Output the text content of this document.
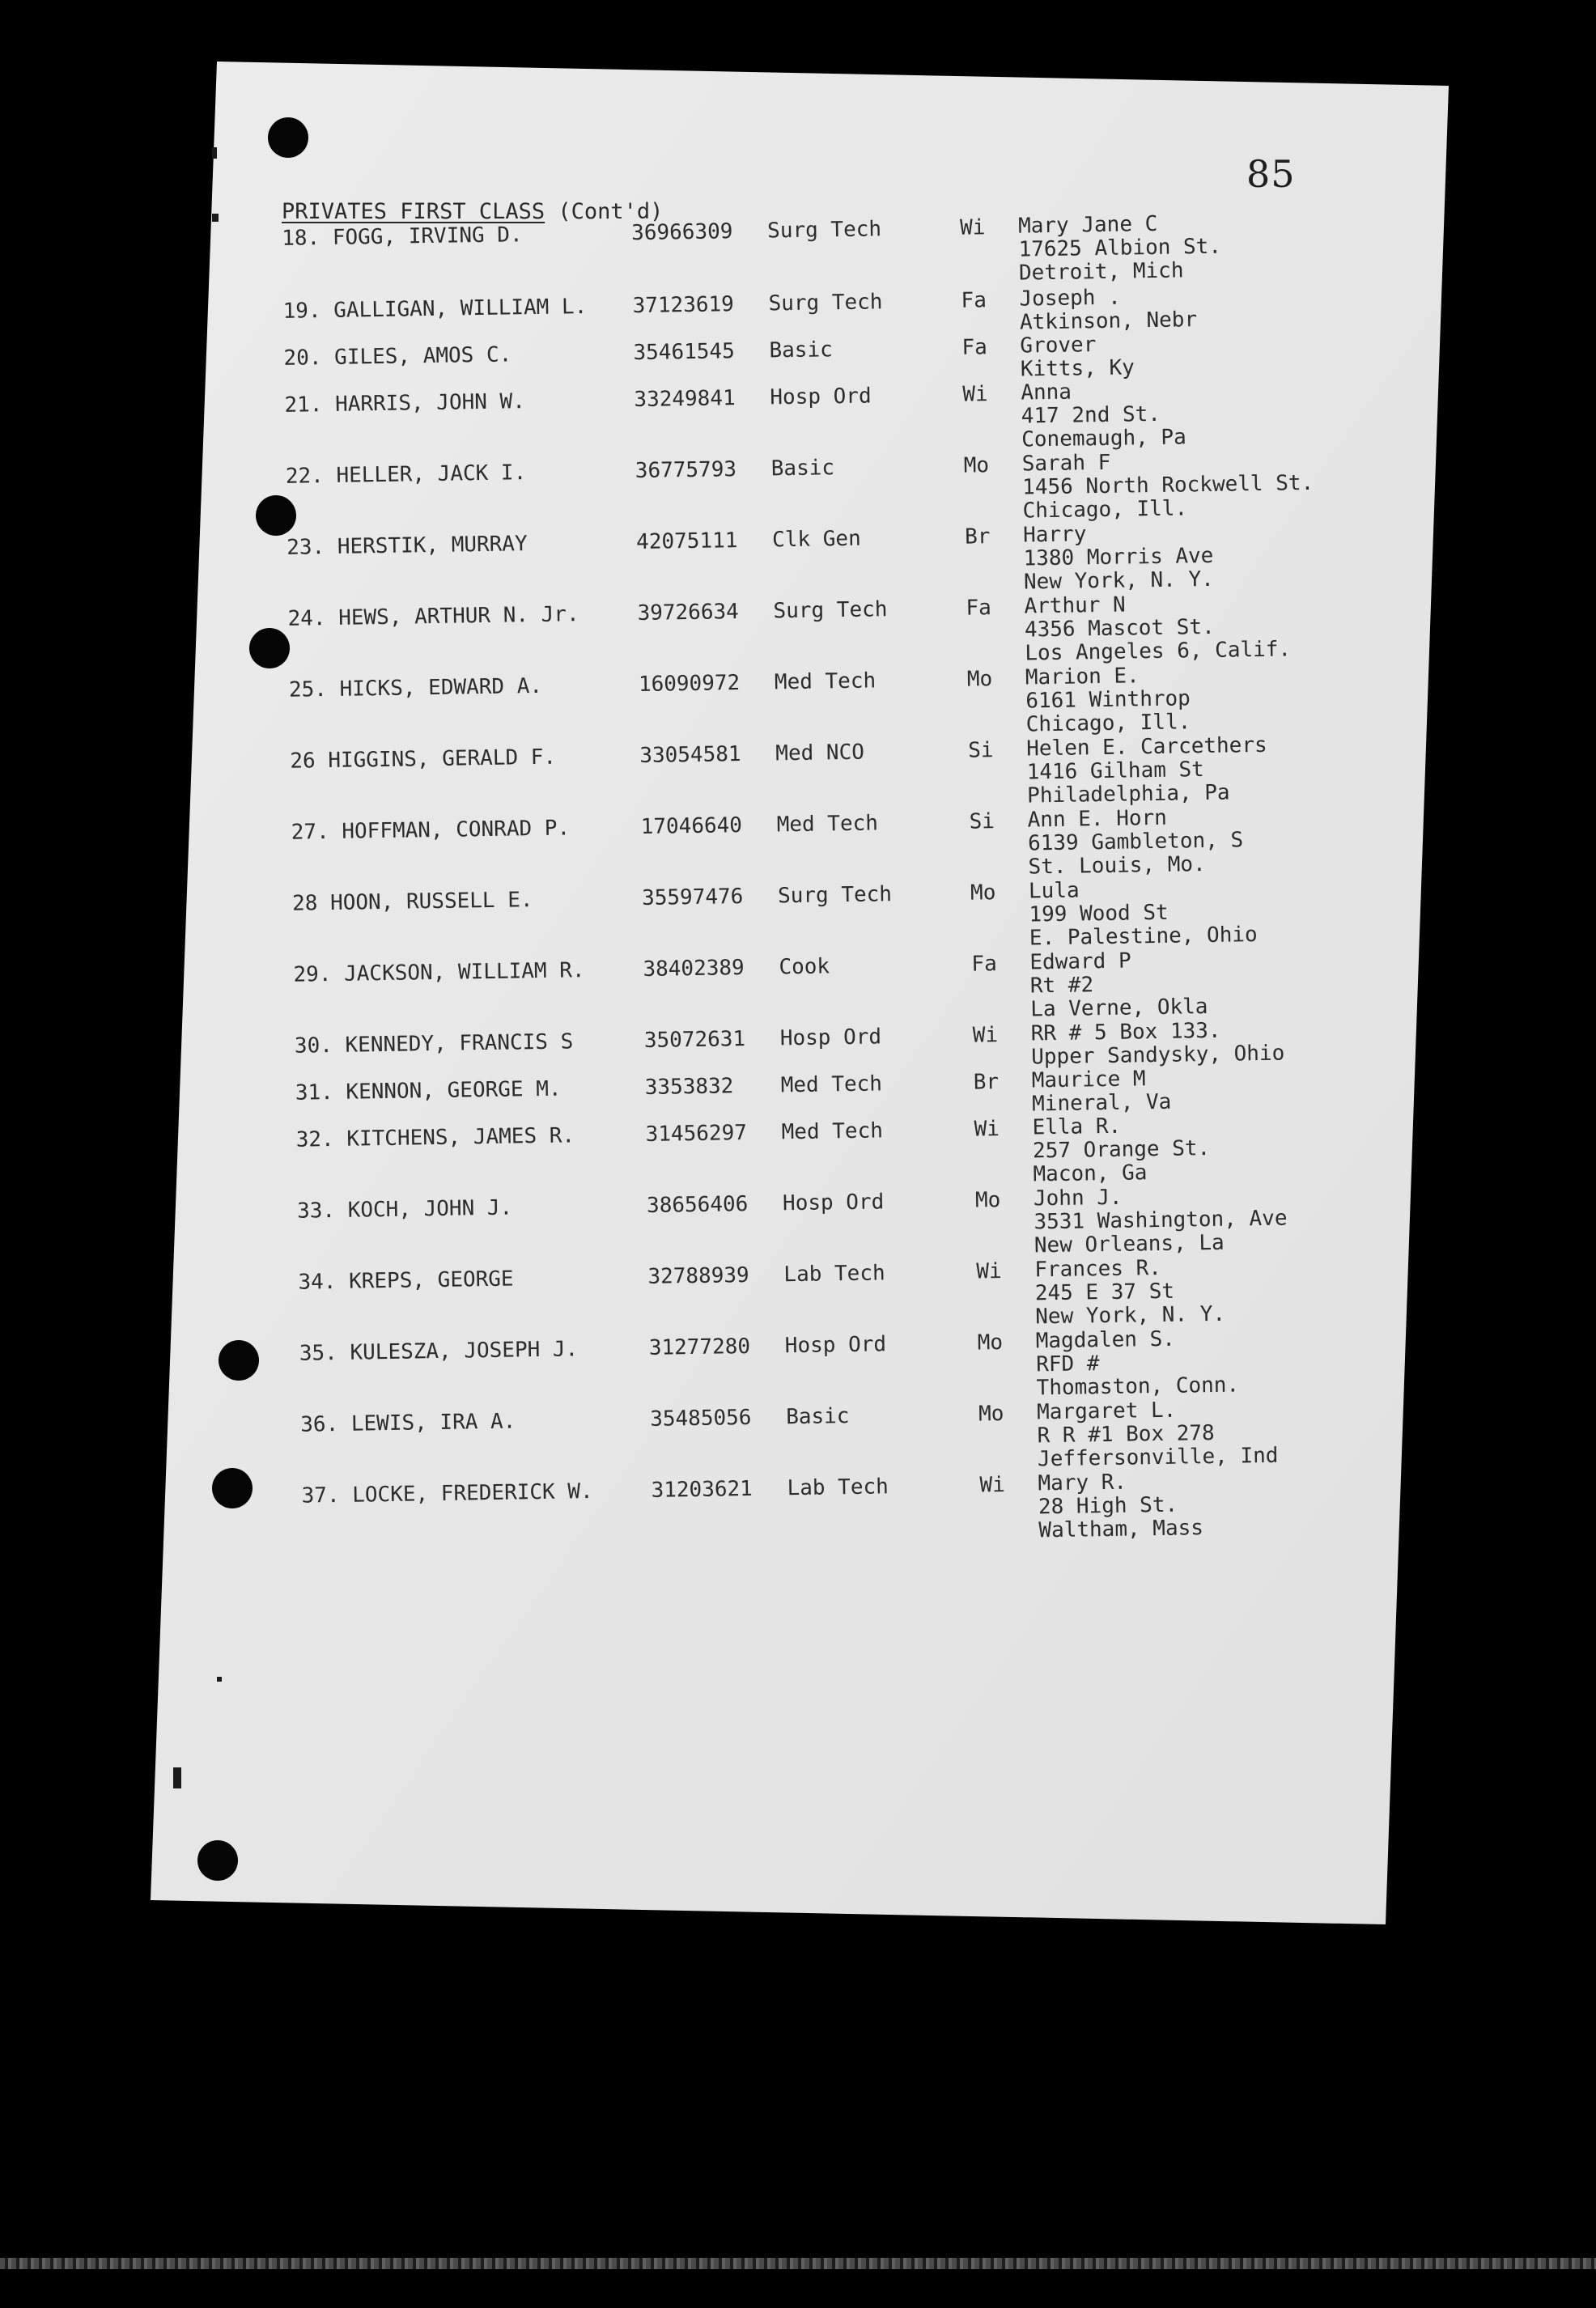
85
PRIVATES FIRST CLASS (Cont'd)
18. FOGG, IRVING D.	36966309 Surg Tech	Wi Mary Jane C
17625 Albion St.
Detroit, Mich
19. GALLIGAN, WILLIAM L. 37123619 Surg Tech	Fa Joseph .
Atkinson, Nebr
20. GILES, AMOS C.	35461545 Basic	Fa Grover
Kitts, Ky
21. HARRIS, JOHN W.	33249841 Hosp Ord	Wi Anna
417 2nd St.
Conemaugh, Pa
22. HELLER, JACK I.	36775793 Basic	Mo Sarah F
1456 North Rockwell St.
Chicago, Ill.
23. HERSTIK, MURRAY	42075111 Clk Gen	Br Harry
1380 Morris Ave
New York, N. Y.
24. HEWS, ARTHUR N. Jr.	39726634 Surg Tech	Fa Arthur N
4356 Mascot St.
Los Angeles 6, Calif.
25. HICKS, EDWARD A.	16090972 Med Tech	Mo Marion E.
6161 Winthrop
Chicago, Ill.
26 HIGGINS, GERALD F.	33054581 Med NCO	Si Helen E. Carcethers
1416 Gilham St
Philadelphia, Pa
27. HOFFMAN, CONRAD P.	17046640 Med Tech	Si Ann E. Horn
6139 Gambleton, S
St. Louis, Mo.
28 HOON, RUSSELL E.	35597476 Surg Tech	Mo Lula
199 Wood St
E. Palestine, Ohio
29. JACKSON, WILLIAM R.	38402389 Cook	Fa Edward P
Rt #2
La Verne, Okla
30. KENNEDY, FRANCIS S	35072631 Hosp Ord	Wi RR # 5 Box 133.
Upper Sandysky, Ohio
31. KENNON, GEORGE M.	3353832 Med Tech	Br Maurice M
Mineral, Va
32. KITCHENS, JAMES R.	31456297 Med Tech	Wi Ella R.
257 Orange St.
Macon, Ga
33. KOCH, JOHN J.	38656406 Hosp Ord	Mo John J.
3531 Washington, Ave
New Orleans, La
34. KREPS, GEORGE	32788939 Lab Tech	Wi Frances R.
245 E 37 St
New York, N. Y.
35. KULESZA, JOSEPH J.	31277280 Hosp Ord	Mo Magdalen S.
RFD #
Thomaston, Conn.
36. LEWIS, IRA A.	35485056 Basic	Mo Margaret L.
R R #1 Box 278
Jeffersonville, Ind
37. LOCKE, FREDERICK W.	31203621 Lab Tech	Wi Mary R.
28 High St.
Waltham, Mass
